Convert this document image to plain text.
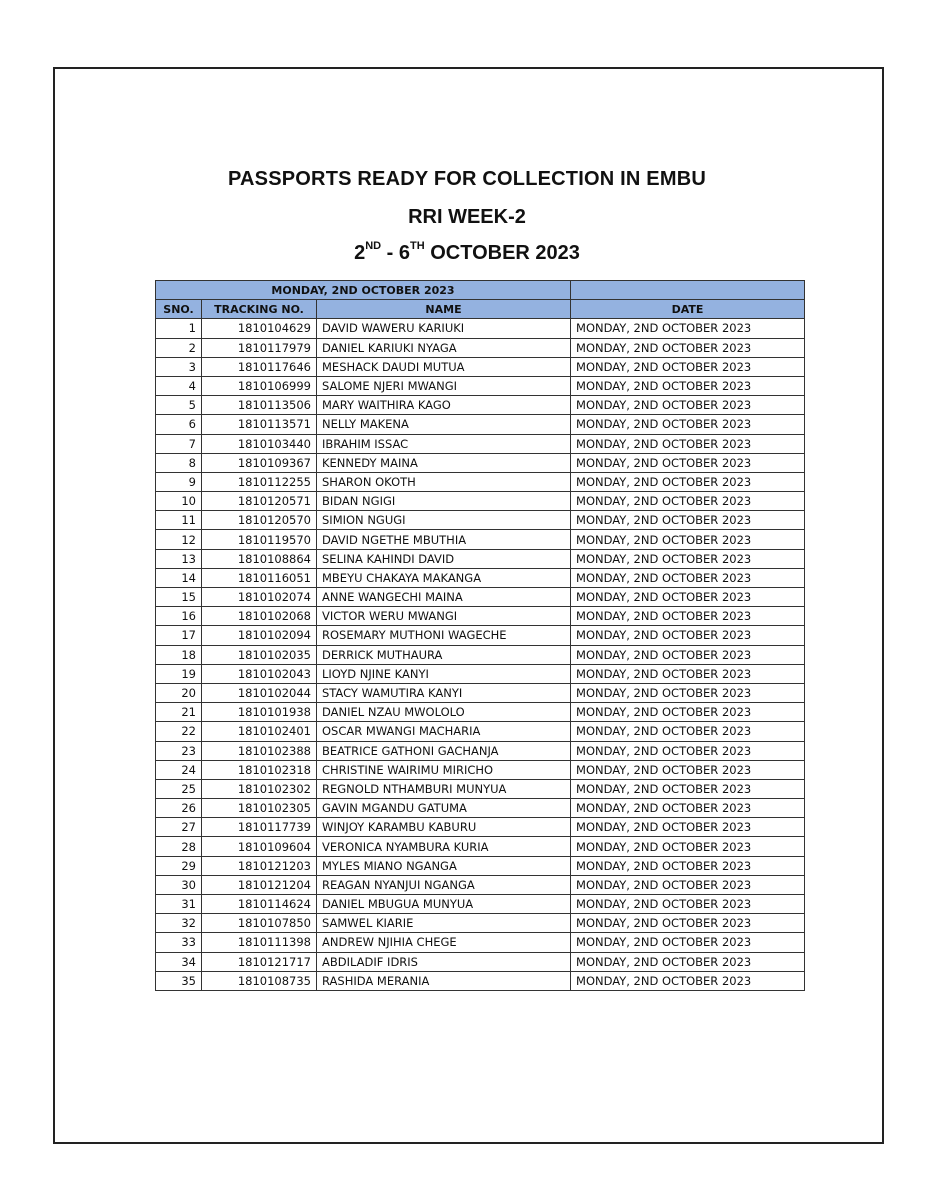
PASSPORTS READY FOR COLLECTION IN EMBU
RRI WEEK-2
2ND - 6TH OCTOBER 2023
MONDAY, 2ND OCTOBER 2023			
SNO.	TRACKING NO.	NAME	DATE
1	1810104629	DAVID WAWERU KARIUKI	MONDAY, 2ND OCTOBER 2023
2	1810117979	DANIEL KARIUKI NYAGA	MONDAY, 2ND OCTOBER 2023
3	1810117646	MESHACK DAUDI MUTUA	MONDAY, 2ND OCTOBER 2023
4	1810106999	SALOME NJERI MWANGI	MONDAY, 2ND OCTOBER 2023
5	1810113506	MARY WAITHIRA KAGO	MONDAY, 2ND OCTOBER 2023
6	1810113571	NELLY MAKENA	MONDAY, 2ND OCTOBER 2023
7	1810103440	IBRAHIM ISSAC	MONDAY, 2ND OCTOBER 2023
8	1810109367	KENNEDY MAINA	MONDAY, 2ND OCTOBER 2023
9	1810112255	SHARON OKOTH	MONDAY, 2ND OCTOBER 2023
10	1810120571	BIDAN NGIGI	MONDAY, 2ND OCTOBER 2023
11	1810120570	SIMION NGUGI	MONDAY, 2ND OCTOBER 2023
12	1810119570	DAVID NGETHE MBUTHIA	MONDAY, 2ND OCTOBER 2023
13	1810108864	SELINA KAHINDI DAVID	MONDAY, 2ND OCTOBER 2023
14	1810116051	MBEYU CHAKAYA MAKANGA	MONDAY, 2ND OCTOBER 2023
15	1810102074	ANNE WANGECHI MAINA	MONDAY, 2ND OCTOBER 2023
16	1810102068	VICTOR WERU MWANGI	MONDAY, 2ND OCTOBER 2023
17	1810102094	ROSEMARY MUTHONI WAGECHE	MONDAY, 2ND OCTOBER 2023
18	1810102035	DERRICK MUTHAURA	MONDAY, 2ND OCTOBER 2023
19	1810102043	LIOYD NJINE KANYI	MONDAY, 2ND OCTOBER 2023
20	1810102044	STACY WAMUTIRA KANYI	MONDAY, 2ND OCTOBER 2023
21	1810101938	DANIEL NZAU MWOLOLO	MONDAY, 2ND OCTOBER 2023
22	1810102401	OSCAR MWANGI MACHARIA	MONDAY, 2ND OCTOBER 2023
23	1810102388	BEATRICE GATHONI GACHANJA	MONDAY, 2ND OCTOBER 2023
24	1810102318	CHRISTINE WAIRIMU MIRICHO	MONDAY, 2ND OCTOBER 2023
25	1810102302	REGNOLD NTHAMBURI MUNYUA	MONDAY, 2ND OCTOBER 2023
26	1810102305	GAVIN MGANDU GATUMA	MONDAY, 2ND OCTOBER 2023
27	1810117739	WINJOY KARAMBU KABURU	MONDAY, 2ND OCTOBER 2023
28	1810109604	VERONICA NYAMBURA KURIA	MONDAY, 2ND OCTOBER 2023
29	1810121203	MYLES MIANO NGANGA	MONDAY, 2ND OCTOBER 2023
30	1810121204	REAGAN NYANJUI NGANGA	MONDAY, 2ND OCTOBER 2023
31	1810114624	DANIEL MBUGUA MUNYUA	MONDAY, 2ND OCTOBER 2023
32	1810107850	SAMWEL KIARIE	MONDAY, 2ND OCTOBER 2023
33	1810111398	ANDREW NJIHIA CHEGE	MONDAY, 2ND OCTOBER 2023
34	1810121717	ABDILADIF IDRIS	MONDAY, 2ND OCTOBER 2023
35	1810108735	RASHIDA MERANIA	MONDAY, 2ND OCTOBER 2023
